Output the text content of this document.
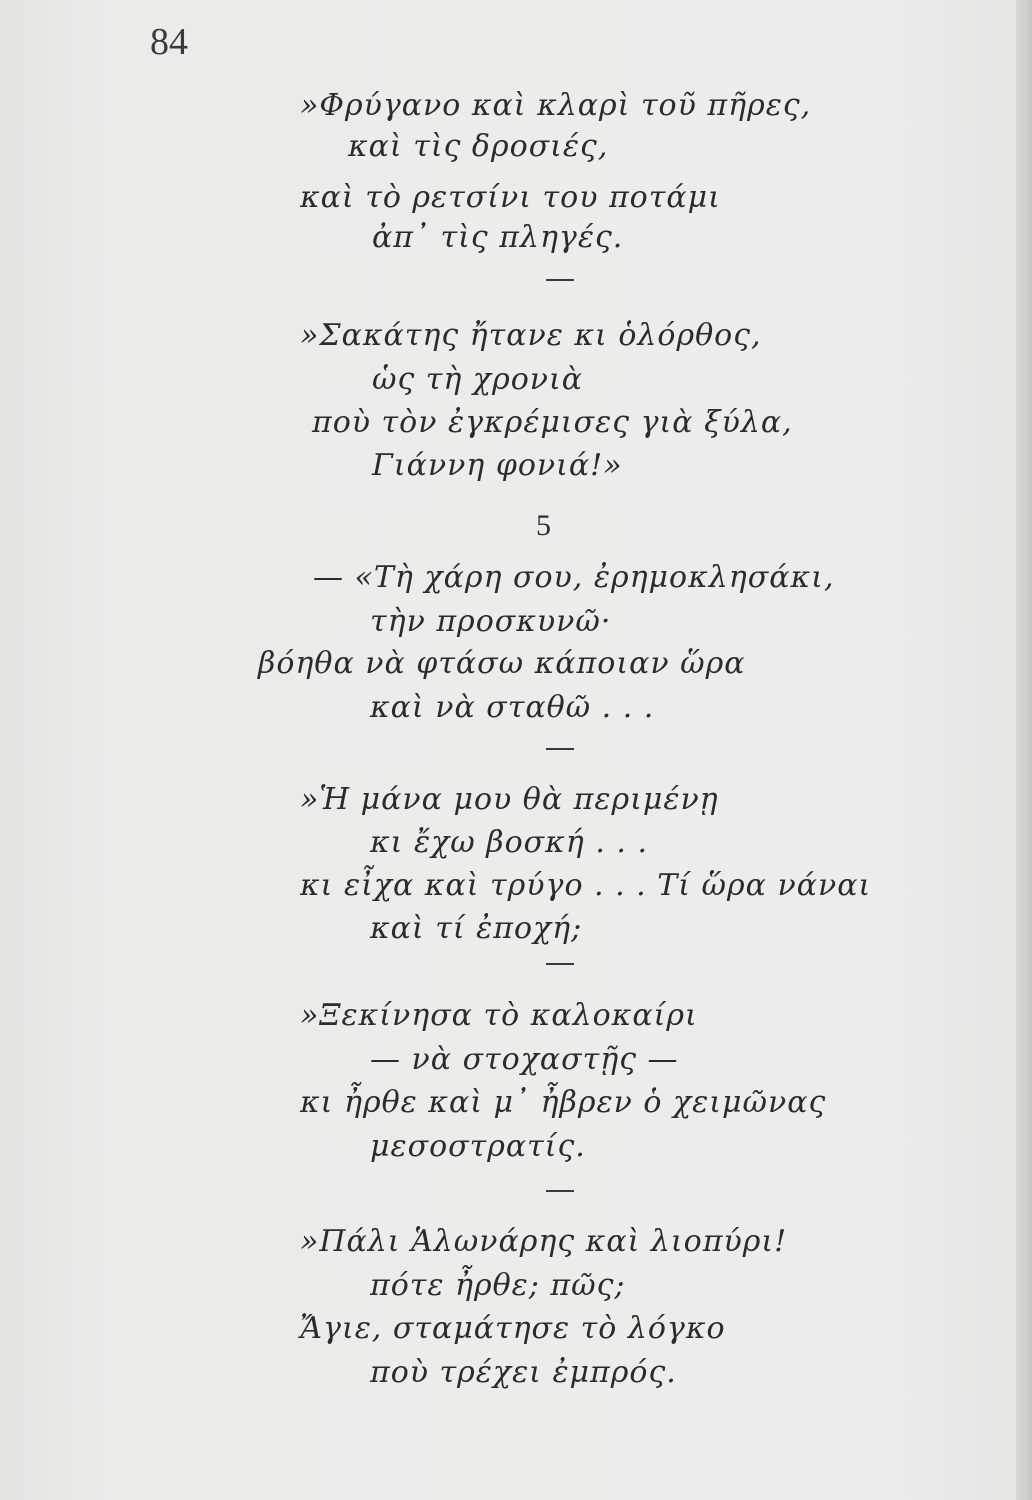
84
»Φρύγανο καὶ κλαρὶ τοῦ πῆρες,
καὶ τὶς δροσιές,
καὶ τὸ ρετσίνι του ποτάμι
ἀπ᾽ τὶς πληγές.
»Σακάτης ἤτανε κι ὁλόρθος,
ὡς τὴ χρονιὰ
ποὺ τὸν ἐγκρέμισες γιὰ ξύλα,
Γιάννη φονιά!»
5
— «Τὴ χάρη σου, ἐρημοκλησάκι,
τὴν προσκυνῶ·
βόηθα νὰ φτάσω κάποιαν ὥρα
καὶ νὰ σταθῶ . . .
»Ἡ μάνα μου θὰ περιμένῃ
κι ἔχω βοσκή . . .
κι εἶχα καὶ τρύγο . . . Τί ὥρα νάναι
καὶ τί ἐποχή;
»Ξεκίνησα τὸ καλοκαίρι
— νὰ στοχαστῇς —
κι ἦρθε καὶ μ᾽ ἦβρεν ὁ χειμῶνας
μεσοστρατίς.
»Πάλι Ἁλωνάρης καὶ λιοπύρι!
πότε ἦρθε; πῶς;
Ἄγιε, σταμάτησε τὸ λόγκο
ποὺ τρέχει ἐμπρός.
